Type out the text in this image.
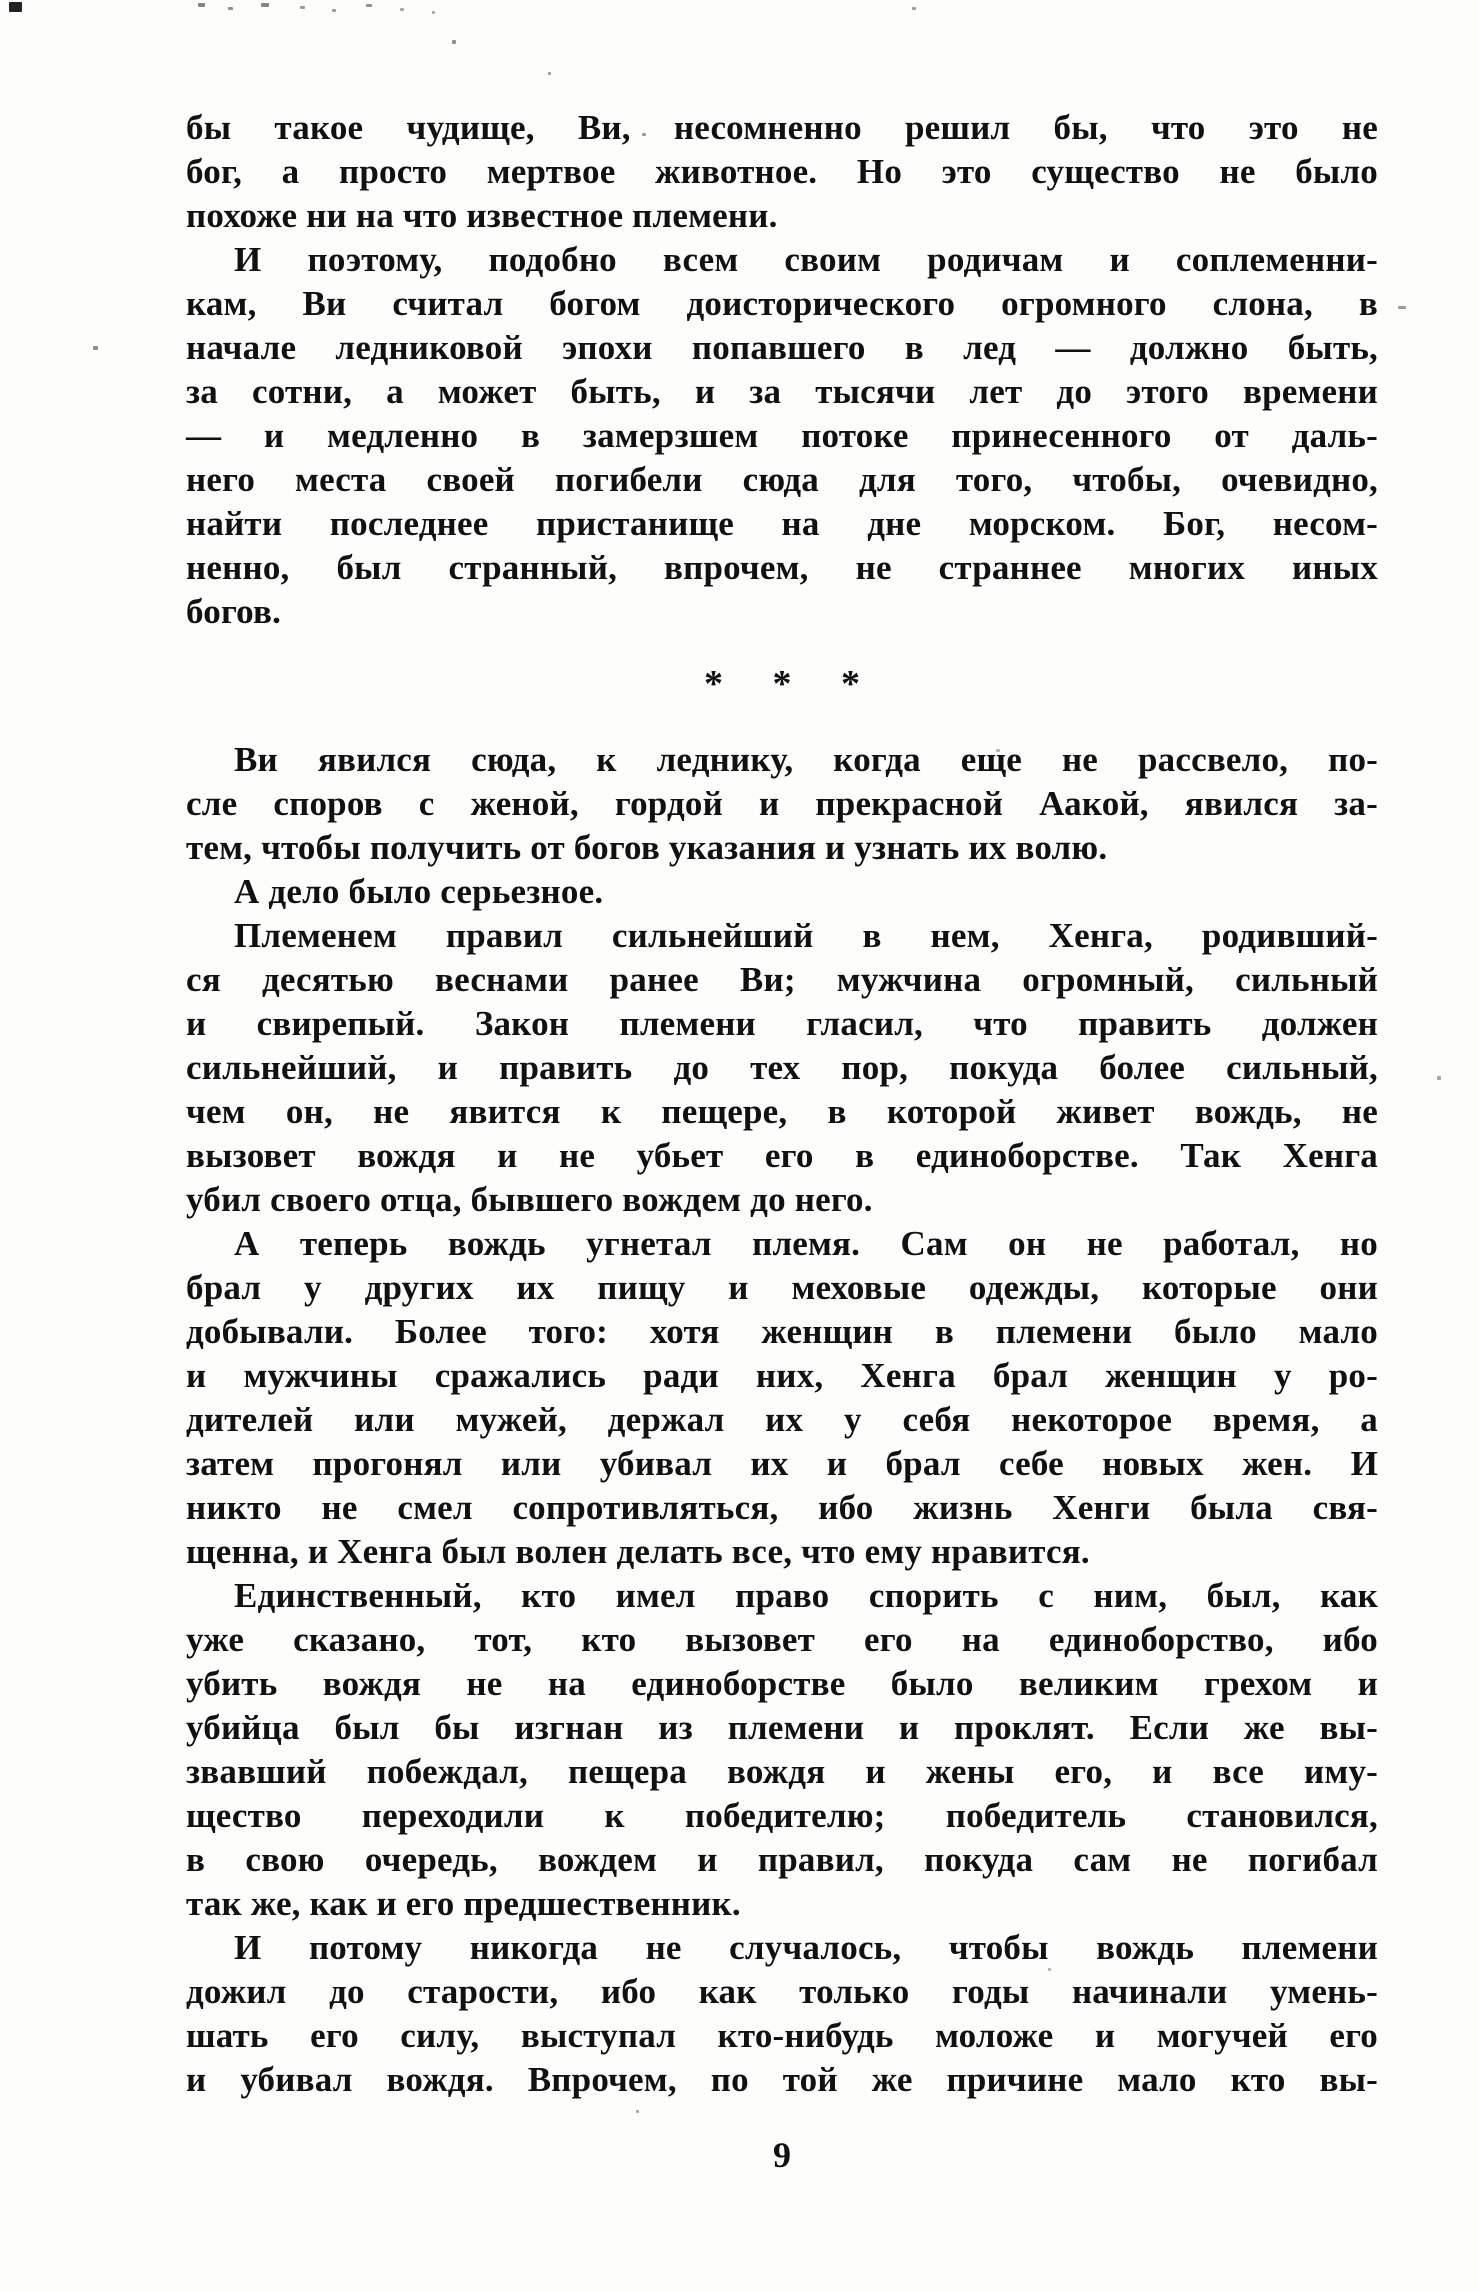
бы такое чудище, Ви, несомненно решил бы, что это не
бог, а просто мертвое животное. Но это существо не было
похоже ни на что известное племени.

И поэтому, подобно всем своим родичам и соплеменни-
кам, Ви считал богом доисторического огромного слона, в
начале ледниковой эпохи попавшего в лед — должно быть,
за сотни, а может быть, и за тысячи лет до этого времени
— и медленно в замерзшем потоке принесенного от даль-
него места своей погибели сюда для того, чтобы, очевидно,
найти последнее пристанище на дне морском. Бог, несом-
ненно, был странный, впрочем, не страннее многих иных
богов.

* * *

Ви явился сюда, к леднику, когда еще не рассвело, по-
сле споров с женой, гордой и прекрасной Аакой, явился за-
тем, чтобы получить от богов указания и узнать их волю.

А дело было серьезное.

Племенем правил сильнейший в нем, Хенга, родивший-
ся десятью веснами ранее Ви; мужчина огромный, сильный
и свирепый. Закон племени гласил, что править должен
сильнейший, и править до тех пор, покуда более сильный,
чем он, не явится к пещере, в которой живет вождь, не
вызовет вождя и не убьет его в единоборстве. Так Хенга
убил своего отца, бывшего вождем до него.

А теперь вождь угнетал племя. Сам он не работал, но
брал у других их пищу и меховые одежды, которые они
добывали. Более того: хотя женщин в племени было мало
и мужчины сражались ради них, Хенга брал женщин у ро-
дителей или мужей, держал их у себя некоторое время, а
затем прогонял или убивал их и брал себе новых жен. И
никто не смел сопротивляться, ибо жизнь Хенги была свя-
щенна, и Хенга был волен делать все, что ему нравится.

Единственный, кто имел право спорить с ним, был, как
уже сказано, тот, кто вызовет его на единоборство, ибо
убить вождя не на единоборстве было великим грехом и
убийца был бы изгнан из племени и проклят. Если же вы-
звавший побеждал, пещера вождя и жены его, и все иму-
щество переходили к победителю; победитель становился,
в свою очередь, вождем и правил, покуда сам не погибал
так же, как и его предшественник.

И потому никогда не случалось, чтобы вождь племени
дожил до старости, ибо как только годы начинали умень-
шать его силу, выступал кто-нибудь моложе и могучей его
и убивал вождя. Впрочем, по той же причине мало кто вы-

9
